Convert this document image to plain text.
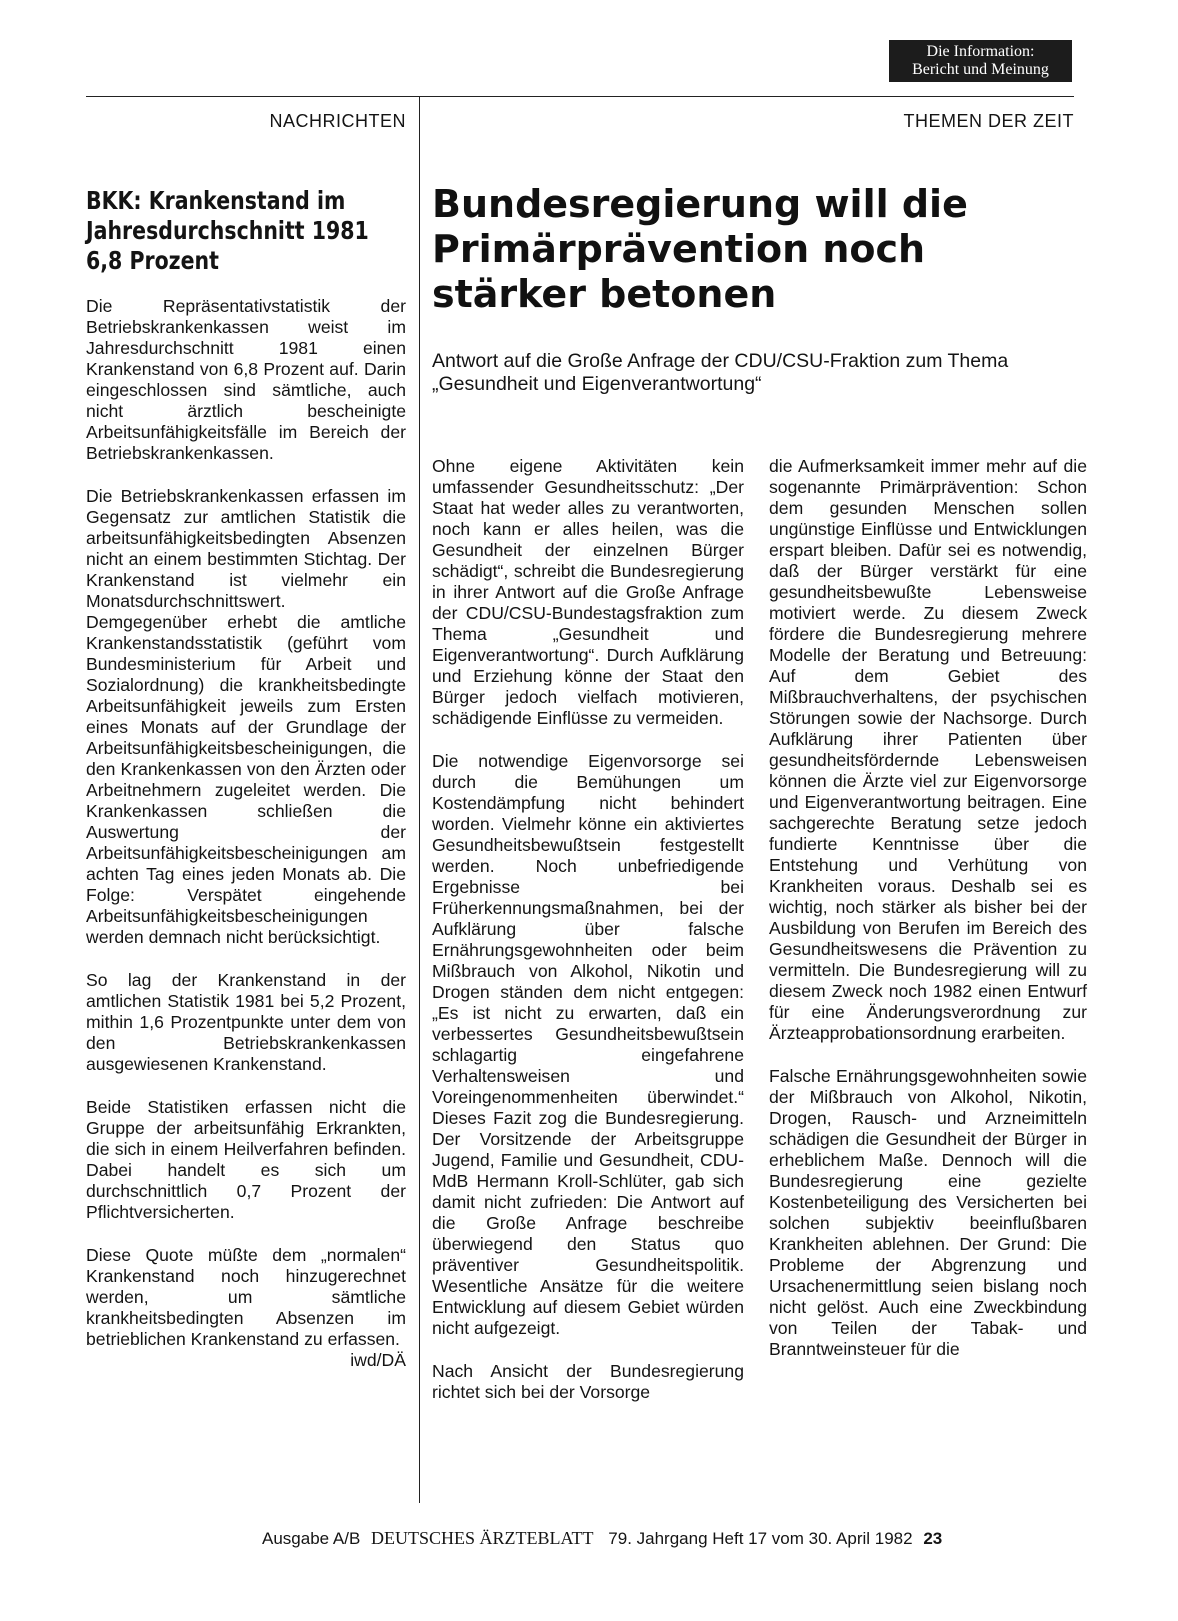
Die Information:
Bericht und Meinung
NACHRICHTEN	THEMEN DER ZEIT
BKK: Krankenstand im Jahresdurchschnitt 1981 6,8 Prozent

Die Repräsentativstatistik der Betriebskrankenkassen weist im Jahresdurchschnitt 1981 einen Krankenstand von 6,8 Prozent auf. Darin eingeschlossen sind sämtliche, auch nicht ärztlich bescheinigte Arbeitsunfähigkeitsfälle im Bereich der Betriebskrankenkassen.

Die Betriebskrankenkassen erfassen im Gegensatz zur amtlichen Statistik die arbeitsunfähigkeitsbedingten Absenzen nicht an einem bestimmten Stichtag. Der Krankenstand ist vielmehr ein Monatsdurchschnittswert. Demgegenüber erhebt die amtliche Krankenstandsstatistik (geführt vom Bundesministerium für Arbeit und Sozialordnung) die krankheitsbedingte Arbeitsunfähigkeit jeweils zum Ersten eines Monats auf der Grundlage der Arbeitsunfähigkeitsbescheinigungen, die den Krankenkassen von den Ärzten oder Arbeitnehmern zugeleitet werden. Die Krankenkassen schließen die Auswertung der Arbeitsunfähigkeitsbescheinigungen am achten Tag eines jeden Monats ab. Die Folge: Verspätet eingehende Arbeitsunfähigkeitsbescheinigungen werden demnach nicht berücksichtigt.

So lag der Krankenstand in der amtlichen Statistik 1981 bei 5,2 Prozent, mithin 1,6 Prozentpunkte unter dem von den Betriebskrankenkassen ausgewiesenen Krankenstand.

Beide Statistiken erfassen nicht die Gruppe der arbeitsunfähig Erkrankten, die sich in einem Heilverfahren befinden. Dabei handelt es sich um durchschnittlich 0,7 Prozent der Pflichtversicherten.

Diese Quote müßte dem „normalen“ Krankenstand noch hinzugerechnet werden, um sämtliche krankheitsbedingten Absenzen im betrieblichen Krankenstand zu erfassen.

iwd/DÄ
Bundesregierung will die Primärprävention noch stärker betonen

Antwort auf die Große Anfrage der CDU/CSU-Fraktion zum Thema „Gesundheit und Eigenverantwortung“

Ohne eigene Aktivitäten kein umfassender Gesundheitsschutz: „Der Staat hat weder alles zu verantworten, noch kann er alles heilen, was die Gesundheit der einzelnen Bürger schädigt“, schreibt die Bundesregierung in ihrer Antwort auf die Große Anfrage der CDU/CSU-Bundestagsfraktion zum Thema „Gesundheit und Eigenverantwortung“. Durch Aufklärung und Erziehung könne der Staat den Bürger jedoch vielfach motivieren, schädigende Einflüsse zu vermeiden.

Die notwendige Eigenvorsorge sei durch die Bemühungen um Kostendämpfung nicht behindert worden. Vielmehr könne ein aktiviertes Gesundheitsbewußtsein festgestellt werden. Noch unbefriedigende Ergebnisse bei Früherkennungsmaßnahmen, bei der Aufklärung über falsche Ernährungsgewohnheiten oder beim Mißbrauch von Alkohol, Nikotin und Drogen ständen dem nicht entgegen: „Es ist nicht zu erwarten, daß ein verbessertes Gesundheitsbewußtsein schlagartig eingefahrene Verhaltensweisen und Voreingenommenheiten überwindet.“ Dieses Fazit zog die Bundesregierung. Der Vorsitzende der Arbeitsgruppe Jugend, Familie und Gesundheit, CDU-MdB Hermann Kroll-Schlüter, gab sich damit nicht zufrieden: Die Antwort auf die Große Anfrage beschreibe überwiegend den Status quo präventiver Gesundheitspolitik. Wesentliche Ansätze für die weitere Entwicklung auf diesem Gebiet würden nicht aufgezeigt.

Nach Ansicht der Bundesregierung richtet sich bei der Vorsorge

die Aufmerksamkeit immer mehr auf die sogenannte Primärprävention: Schon dem gesunden Menschen sollen ungünstige Einflüsse und Entwicklungen erspart bleiben. Dafür sei es notwendig, daß der Bürger verstärkt für eine gesundheitsbewußte Lebensweise motiviert werde. Zu diesem Zweck fördere die Bundesregierung mehrere Modelle der Beratung und Betreuung: Auf dem Gebiet des Mißbrauchverhaltens, der psychischen Störungen sowie der Nachsorge. Durch Aufklärung ihrer Patienten über gesundheitsfördernde Lebensweisen können die Ärzte viel zur Eigenvorsorge und Eigenverantwortung beitragen. Eine sachgerechte Beratung setze jedoch fundierte Kenntnisse über die Entstehung und Verhütung von Krankheiten voraus. Deshalb sei es wichtig, noch stärker als bisher bei der Ausbildung von Berufen im Bereich des Gesundheitswesens die Prävention zu vermitteln. Die Bundesregierung will zu diesem Zweck noch 1982 einen Entwurf für eine Änderungsverordnung zur Ärzteapprobationsordnung erarbeiten.

Falsche Ernährungsgewohnheiten sowie der Mißbrauch von Alkohol, Nikotin, Drogen, Rausch- und Arzneimitteln schädigen die Gesundheit der Bürger in erheblichem Maße. Dennoch will die Bundesregierung eine gezielte Kostenbeteiligung des Versicherten bei solchen subjektiv beeinflußbaren Krankheiten ablehnen. Der Grund: Die Probleme der Abgrenzung und Ursachenermittlung seien bislang noch nicht gelöst. Auch eine Zweckbindung von Teilen der Tabak- und Branntweinsteuer für die

Ausgabe A/B DEUTSCHES ÄRZTEBLATT 79. Jahrgang Heft 17 vom 30. April 1982 23
